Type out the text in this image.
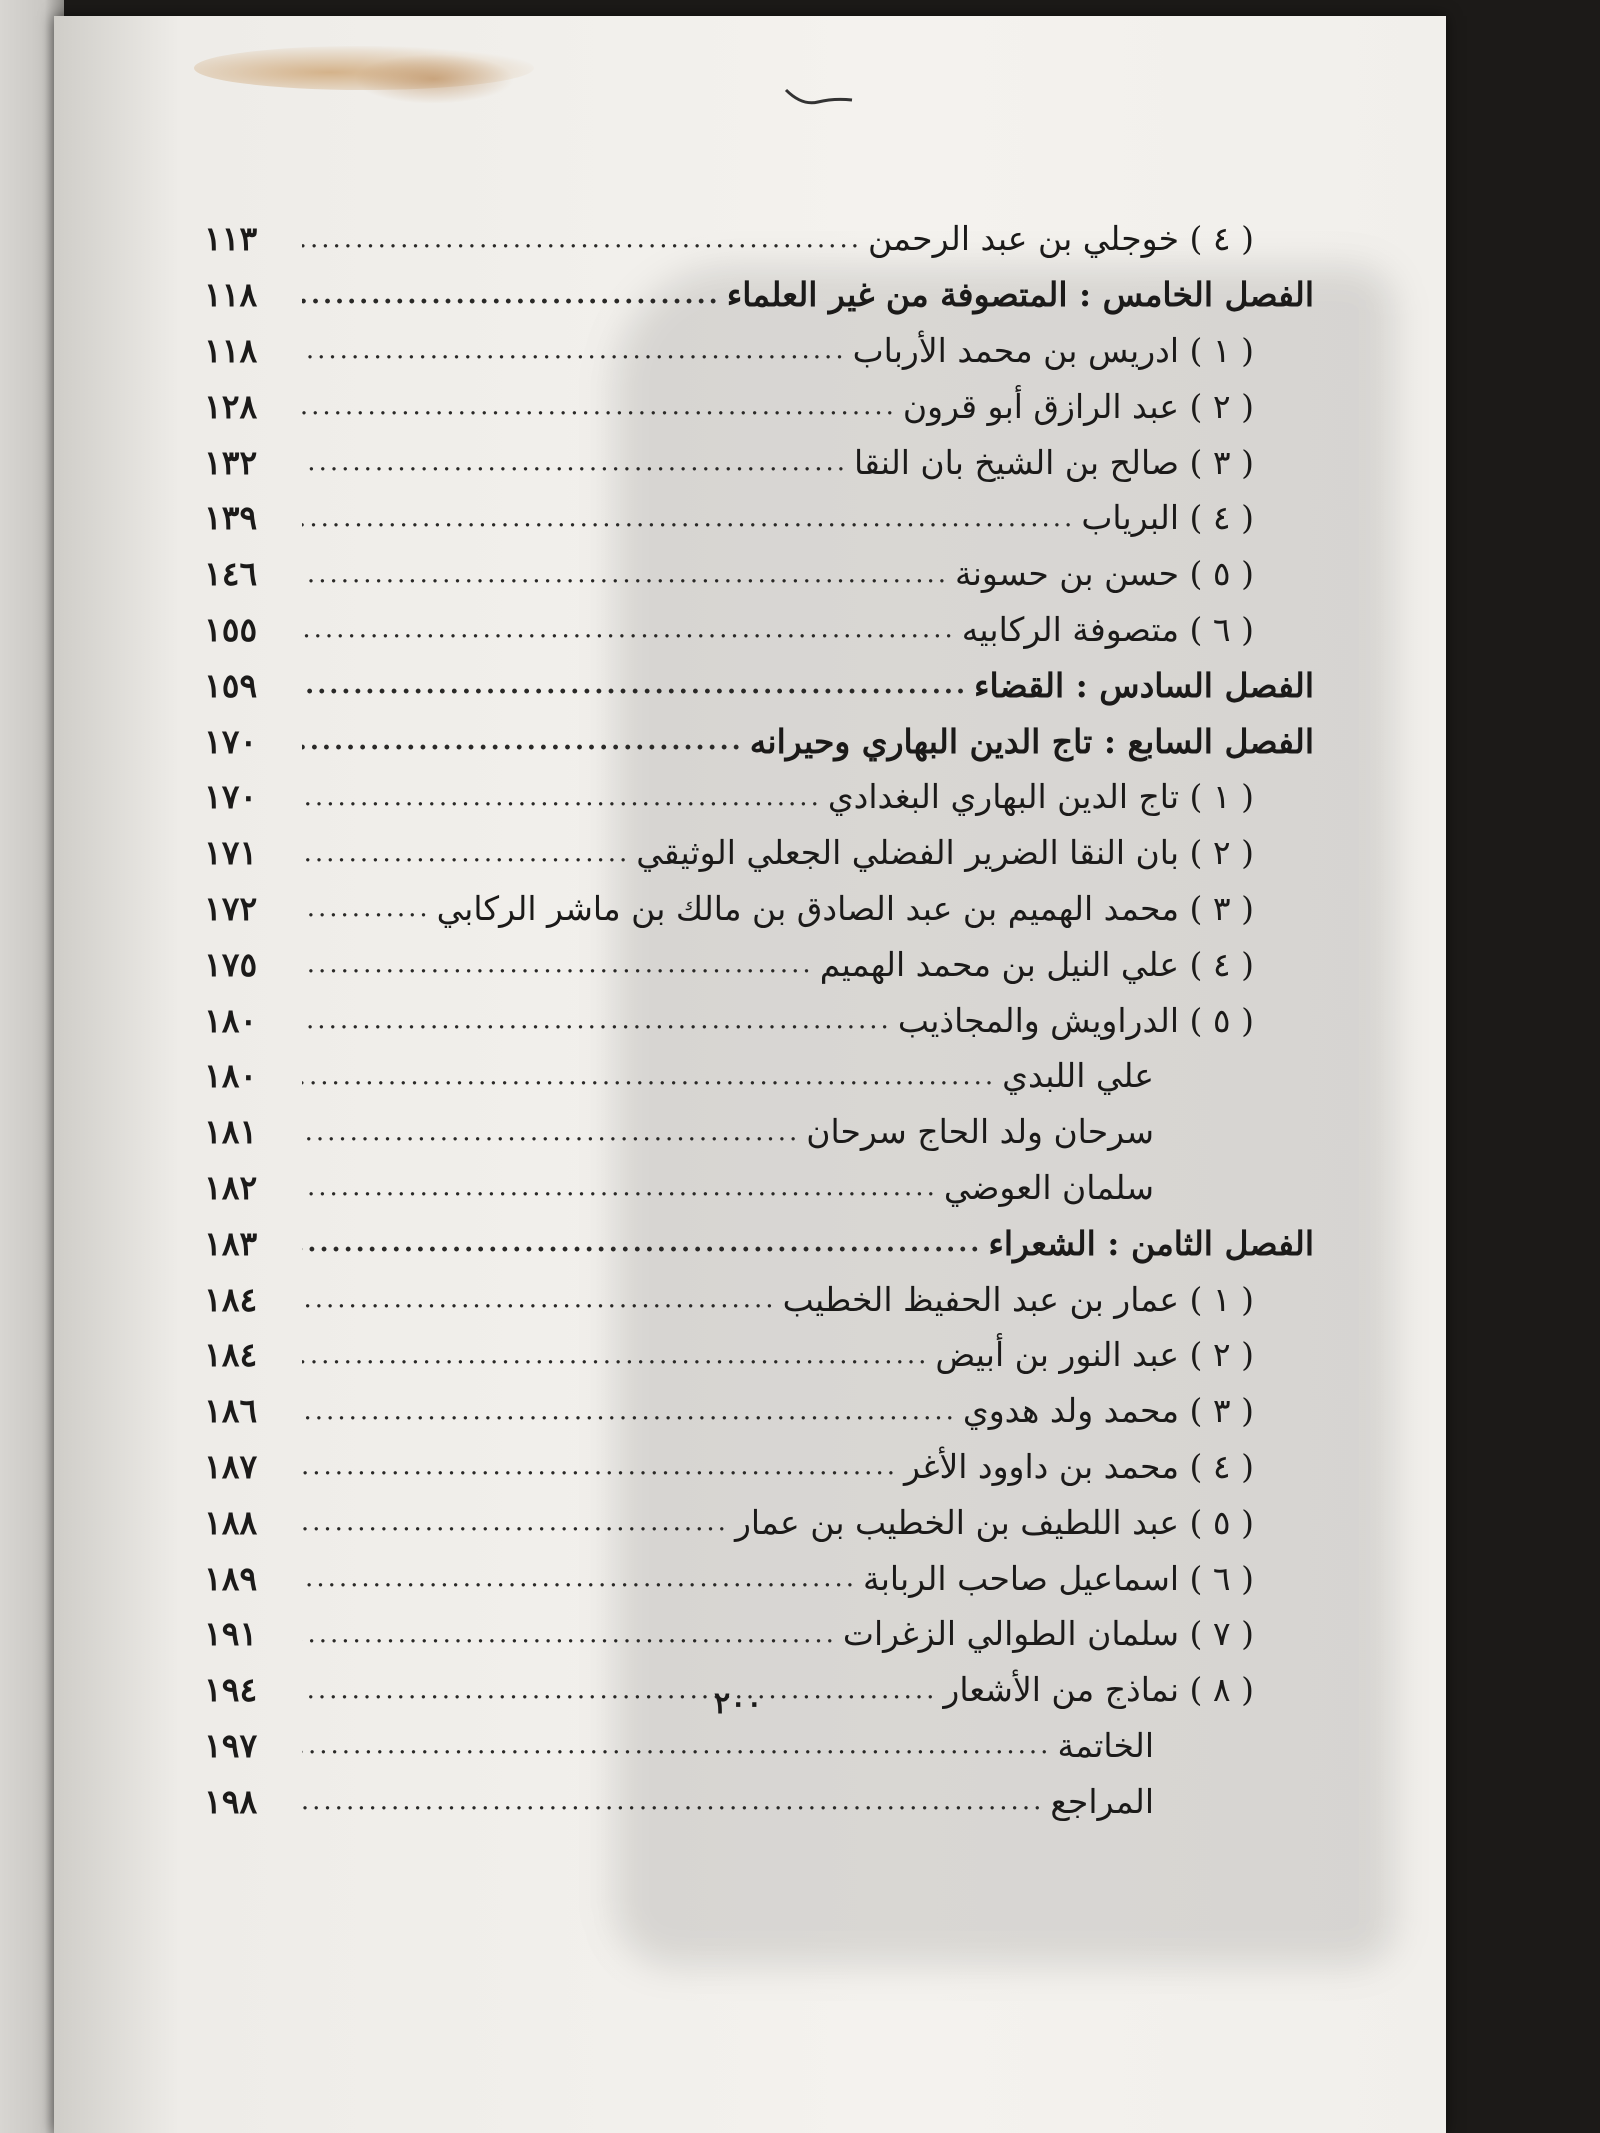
( ٤ ) خوجلي بن عبد الرحمن
.....
١١٣
الفصل الخامس : المتصوفة من غير العلماء
.....
١١٨
( ١ ) ادريس بن محمد الأرباب
.....
١١٨
( ٢ ) عبد الرازق أبو قرون
.....
١٢٨
( ٣ ) صالح بن الشيخ بان النقا
.....
١٣٢
( ٤ ) البرياب
.....
١٣٩
( ٥ ) حسن بن حسونة
.....
١٤٦
( ٦ ) متصوفة الركابيه
.....
١٥٥
الفصل السادس : القضاء
.....
١٥٩
الفصل السابع : تاج الدين البهاري وحيرانه
.....
١٧٠
( ١ ) تاج الدين البهاري البغدادي
.....
١٧٠
( ٢ ) بان النقا الضرير الفضلي الجعلي الوثيقي
.....
١٧١
( ٣ ) محمد الهميم بن عبد الصادق بن مالك بن ماشر الركابي
.....
١٧٢
( ٤ ) علي النيل بن محمد الهميم
.....
١٧٥
( ٥ ) الدراويش والمجاذيب
.....
١٨٠
علي اللبدي
.....
١٨٠
سرحان ولد الحاج سرحان
.....
١٨١
سلمان العوضي
.....
١٨٢
الفصل الثامن : الشعراء
.....
١٨٣
( ١ ) عمار بن عبد الحفيظ الخطيب
.....
١٨٤
( ٢ ) عبد النور بن أبيض
.....
١٨٤
( ٣ ) محمد ولد هدوي
.....
١٨٦
( ٤ ) محمد بن داوود الأغر
.....
١٨٧
( ٥ ) عبد اللطيف بن الخطيب بن عمار
.....
١٨٨
( ٦ ) اسماعيل صاحب الربابة
.....
١٨٩
( ٧ ) سلمان الطوالي الزغرات
.....
١٩١
( ٨ ) نماذج من الأشعار
.....
١٩٤
الخاتمة
.....
١٩٧
المراجع
.....
١٩٨
٢٠٠
